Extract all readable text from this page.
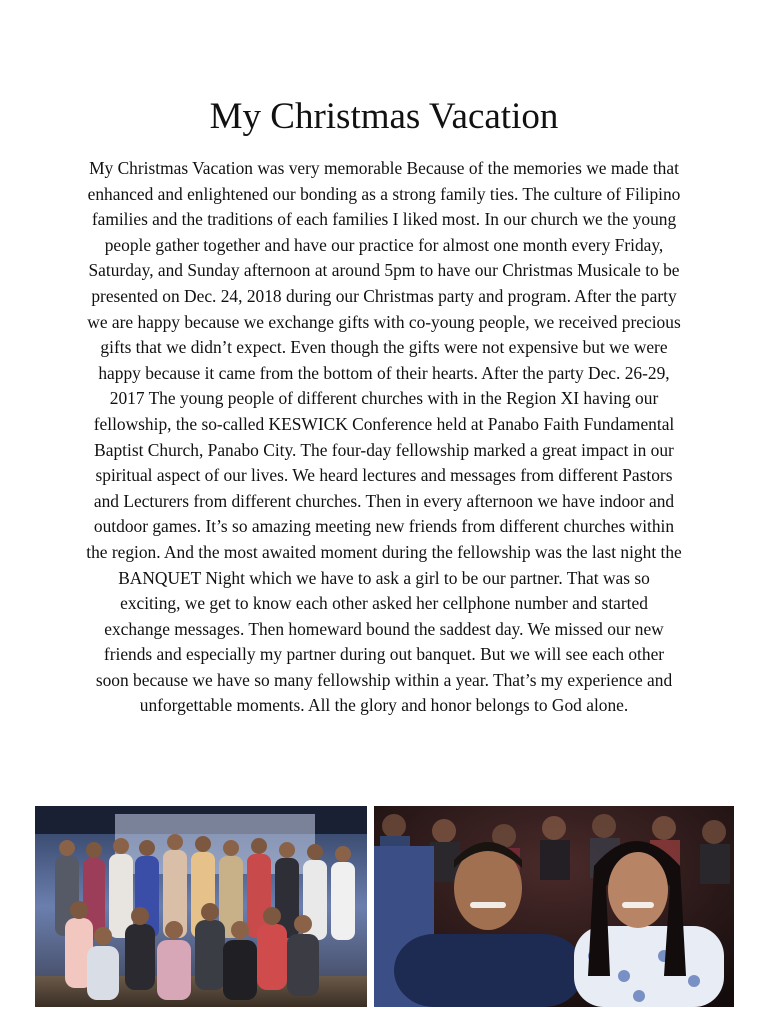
My Christmas Vacation

My Christmas Vacation was very memorable Because of the memories we made that enhanced and enlightened our bonding as a strong family ties. The culture of Filipino families and the traditions of each families I liked most. In our church we the young people gather together and have our practice for almost one month every Friday, Saturday, and Sunday afternoon at around 5pm to have our Christmas Musicale to be presented on Dec. 24, 2018 during our Christmas party and program. After the party we are happy because we exchange gifts with co-young people, we received precious gifts that we didn’t expect. Even though the gifts were not expensive but we were happy because it came from the bottom of their hearts. After the party Dec. 26-29, 2017 The young people of different churches with in the Region XI having our fellowship, the so-called KESWICK Conference held at Panabo Faith Fundamental Baptist Church, Panabo City. The four-day fellowship marked a great impact in our spiritual aspect of our lives. We heard lectures and messages from different Pastors and Lecturers from different churches. Then in every afternoon we have indoor and outdoor games. It’s so amazing meeting new friends from different churches within the region. And the most awaited moment during the fellowship was the last night the BANQUET Night which we have to ask a girl to be our partner. That was so exciting, we get to know each other asked her cellphone number and started exchange messages. Then homeward bound the saddest day. We missed our new friends and especially my partner during out banquet. But we will see each other soon because we have so many fellowship within a year. That’s my experience and unforgettable moments. All the glory and honor belongs to God alone.
